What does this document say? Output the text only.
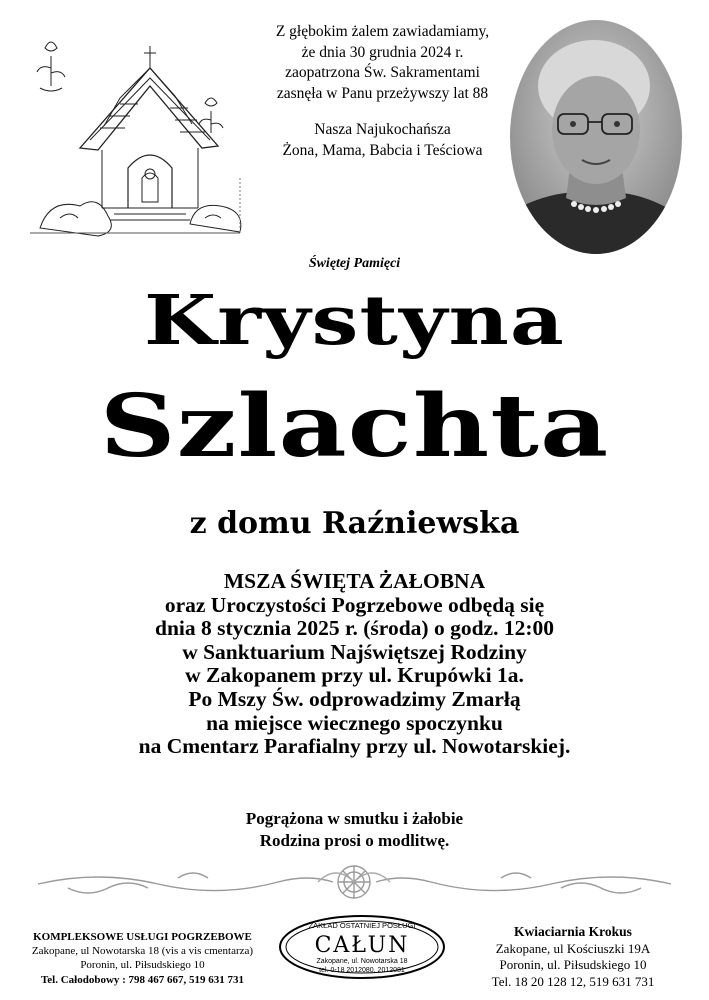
Z głębokim żalem zawiadamiamy,
że dnia 30 grudnia 2024 r.
zaopatrzona Św. Sakramentami
zasnęła w Panu przeżywszy lat 88
Nasza Najukochańsza
Żona, Mama, Babcia i Teściowa
Świętej Pamięci
Krystyna
Szlachta
z domu Raźniewska
MSZA ŚWIĘTA ŻAŁOBNA
oraz Uroczystości Pogrzebowe odbędą się
dnia 8 stycznia 2025 r. (środa) o godz. 12:00
w Sanktuarium Najświętszej Rodziny
w Zakopanem przy ul. Krupówki 1a.
Po Mszy Św. odprowadzimy Zmarłą
na miejsce wiecznego spoczynku
na Cmentarz Parafialny przy ul. Nowotarskiej.
Pogrążona w smutku i żałobie
Rodzina prosi o modlitwę.
KOMPLEKSOWE USŁUGI POGRZEBOWE
Zakopane, ul Nowotarska 18 (vis a vis cmentarza)
Poronin, ul. Piłsudskiego 10
Tel. Całodobowy : 798 467 667, 519 631 731
ZAKŁAD OSTATNIEJ POSŁUGI
CAŁUN
Zakopane, ul. Nowotarska 18
tel. 0-18 2012080, 2012081
Kwiaciarnia Krokus
Zakopane, ul Kościuszki 19A
Poronin, ul. Piłsudskiego 10
Tel. 18 20 128 12, 519 631 731
